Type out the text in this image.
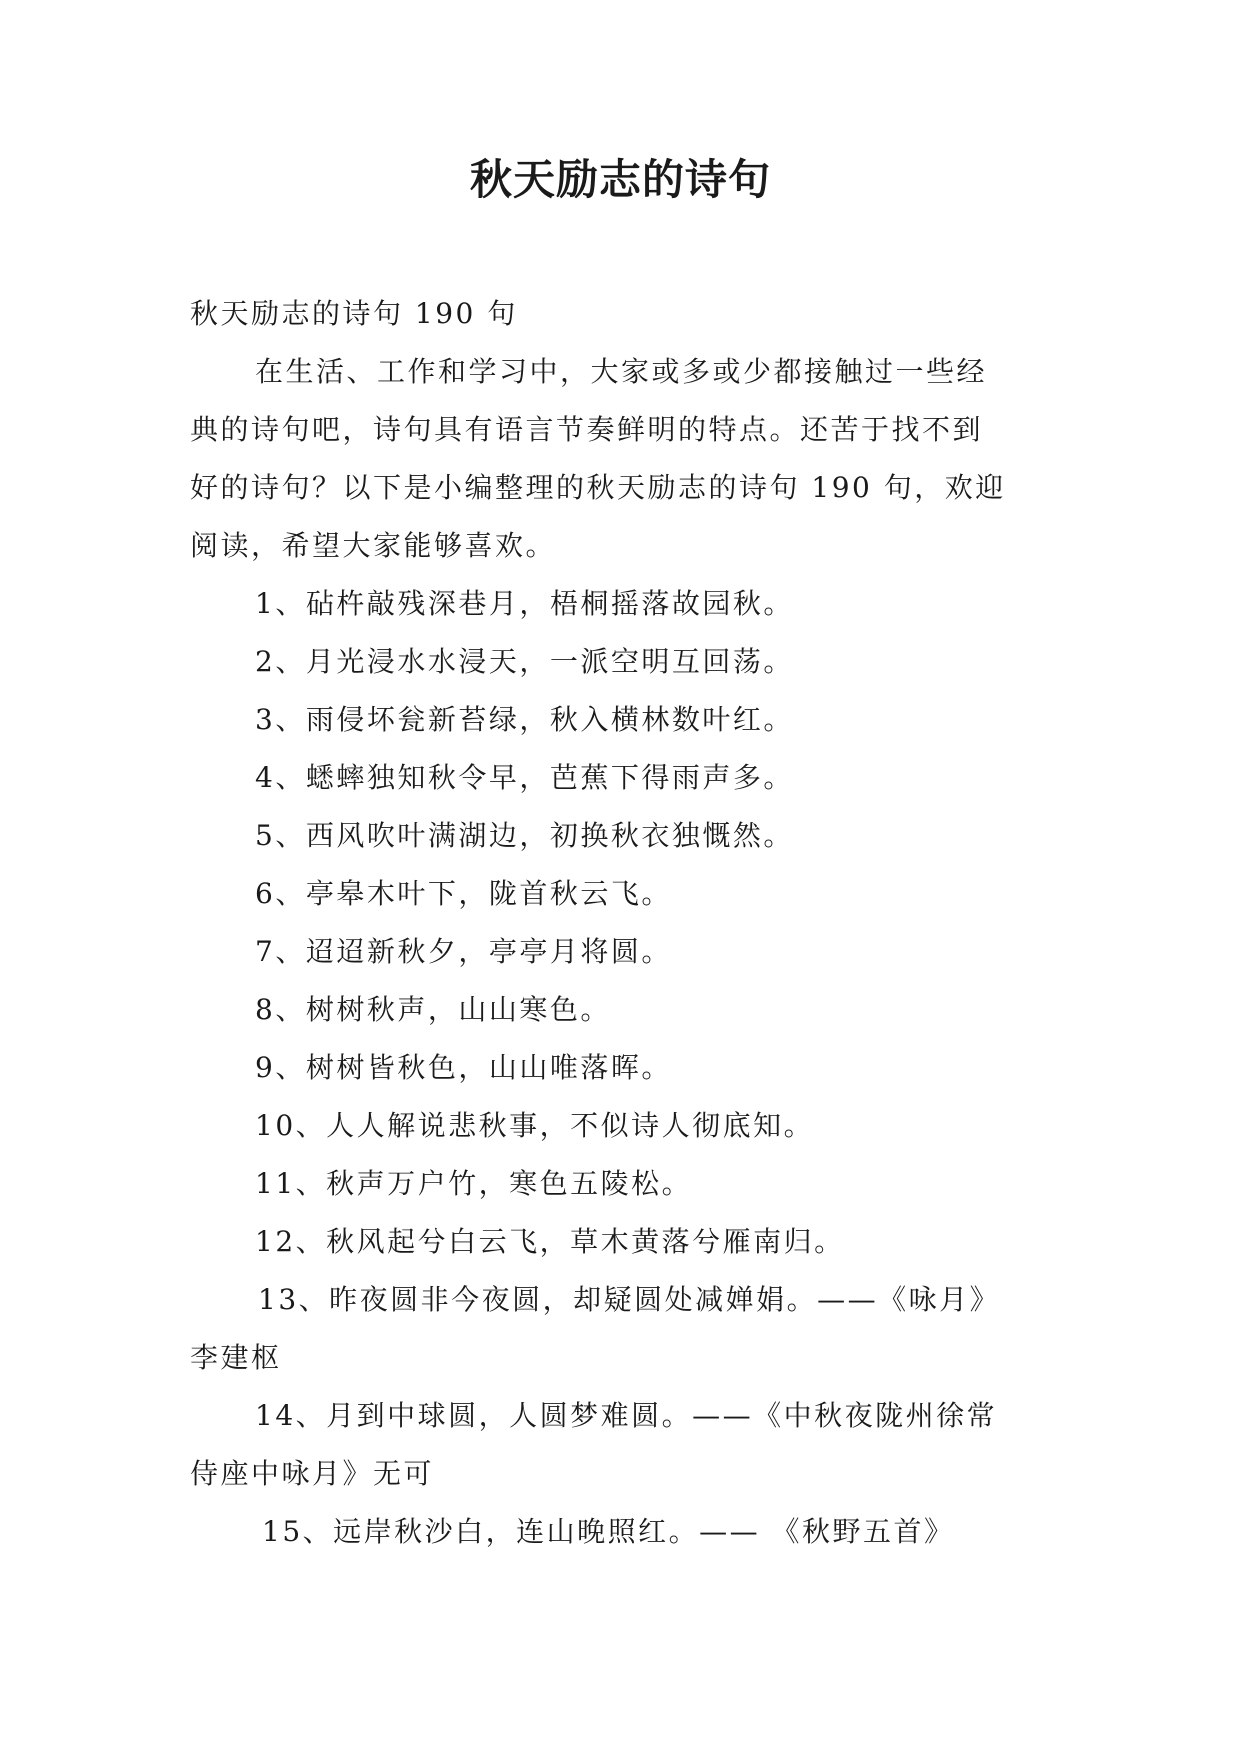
秋天励志的诗句
秋天励志的诗句 190 句
在生活、工作和学习中，大家或多或少都接触过一些经
典的诗句吧，诗句具有语言节奏鲜明的特点。还苦于找不到
好的诗句？以下是小编整理的秋天励志的诗句 190 句，欢迎
阅读，希望大家能够喜欢。
1、砧杵敲残深巷月，梧桐摇落故园秋。
2、月光浸水水浸天，一派空明互回荡。
3、雨侵坏瓮新苔绿，秋入横林数叶红。
4、蟋蟀独知秋令早，芭蕉下得雨声多。
5、西风吹叶满湖边，初换秋衣独慨然。
6、亭皋木叶下，陇首秋云飞。
7、迢迢新秋夕，亭亭月将圆。
8、树树秋声，山山寒色。
9、树树皆秋色，山山唯落晖。
10、人人解说悲秋事，不似诗人彻底知。
11、秋声万户竹，寒色五陵松。
12、秋风起兮白云飞，草木黄落兮雁南归。
13、昨夜圆非今夜圆，却疑圆处减婵娟。——《咏月》
李建枢
14、月到中球圆，人圆梦难圆。——《中秋夜陇州徐常
侍座中咏月》无可
15、远岸秋沙白，连山晚照红。—— 《秋野五首》
